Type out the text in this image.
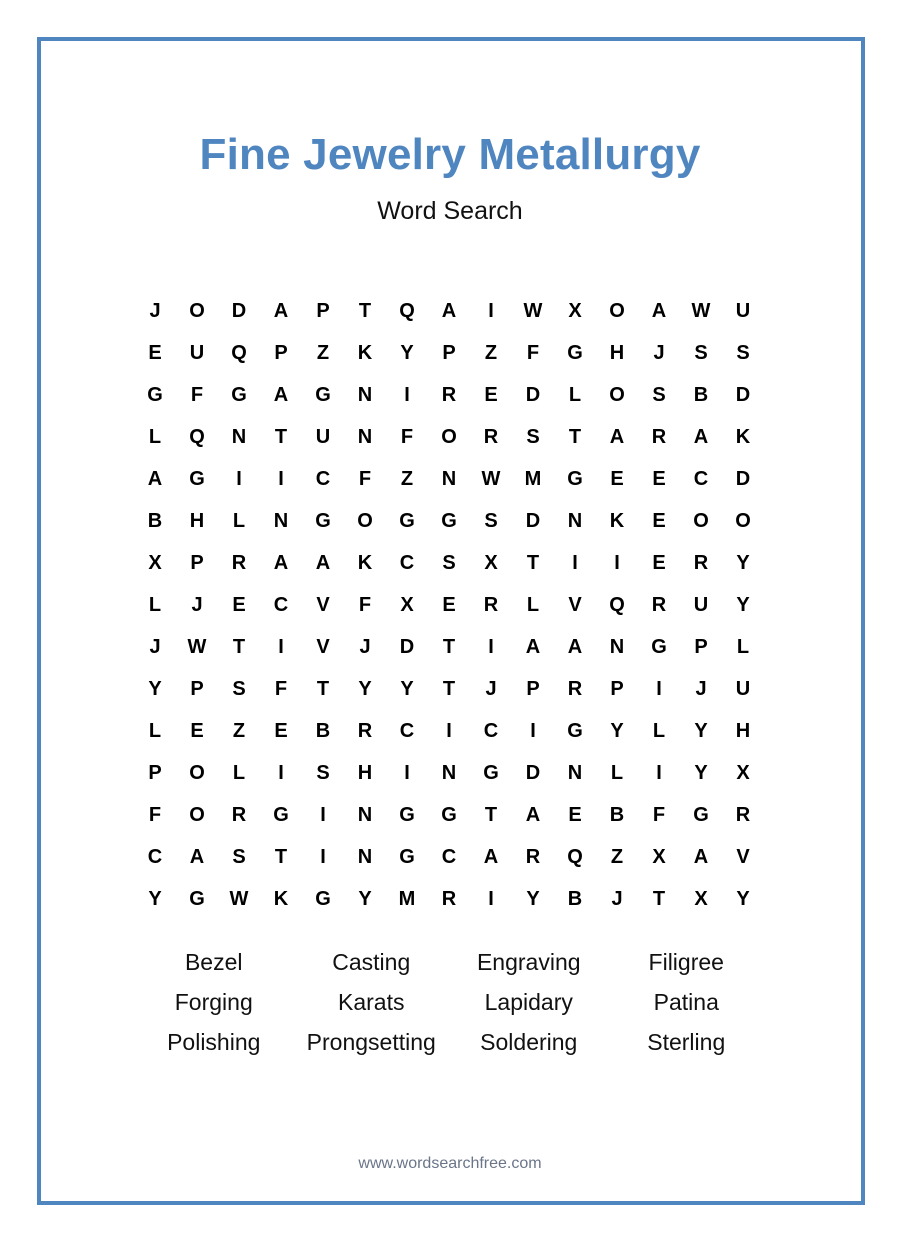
Fine Jewelry Metallurgy
Word Search
J	O	D	A	P	T	Q	A	I	W	X	O	A	W	U
E	U	Q	P	Z	K	Y	P	Z	F	G	H	J	S	S
G	F	G	A	G	N	I	R	E	D	L	O	S	B	D
L	Q	N	T	U	N	F	O	R	S	T	A	R	A	K
A	G	I	I	C	F	Z	N	W	M	G	E	E	C	D
B	H	L	N	G	O	G	G	S	D	N	K	E	O	O
X	P	R	A	A	K	C	S	X	T	I	I	E	R	Y
L	J	E	C	V	F	X	E	R	L	V	Q	R	U	Y
J	W	T	I	V	J	D	T	I	A	A	N	G	P	L
Y	P	S	F	T	Y	Y	T	J	P	R	P	I	J	U
L	E	Z	E	B	R	C	I	C	I	G	Y	L	Y	H
P	O	L	I	S	H	I	N	G	D	N	L	I	Y	X
F	O	R	G	I	N	G	G	T	A	E	B	F	G	R
C	A	S	T	I	N	G	C	A	R	Q	Z	X	A	V
Y	G	W	K	G	Y	M	R	I	Y	B	J	T	X	Y
Bezel	Casting	Engraving	Filigree
Forging	Karats	Lapidary	Patina
Polishing	Prongsetting	Soldering	Sterling
www.wordsearchfree.com
